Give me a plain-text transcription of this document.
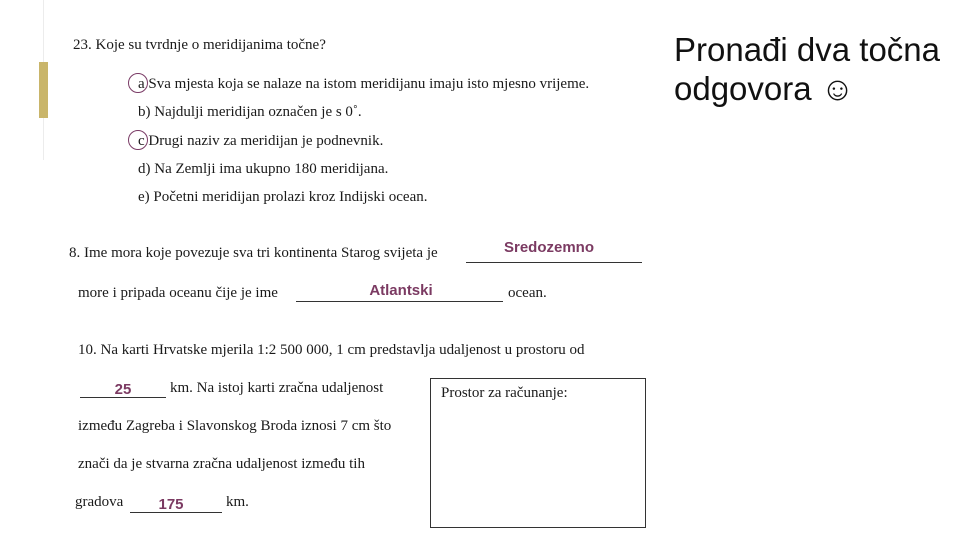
23. Koje su tvrdnje o meridijanima točne?
a Sva mjesta koja se nalaze na istom meridijanu imaju isto mjesno vrijeme.
b) Najdulji meridijan označen je s 0˚.
c Drugi naziv za meridijan je podnevnik.
d) Na Zemlji ima ukupno 180 meridijana.
e) Početni meridijan prolazi kroz Indijski ocean.
Pronađi dva točna odgovora ☺
8. Ime mora koje povezuje sva tri kontinenta Starog svijeta je	Sredozemno
more i pripada oceanu čije je ime	Atlantski	ocean.
10. Na karti Hrvatske mjerila 1:2 500 000, 1 cm predstavlja udaljenost u prostoru od
25	km. Na istoj karti zračna udaljenost
između Zagreba i Slavonskog Broda iznosi 7 cm što
znači da je stvarna zračna udaljenost između tih
gradova	175	km.
Prostor za računanje:
